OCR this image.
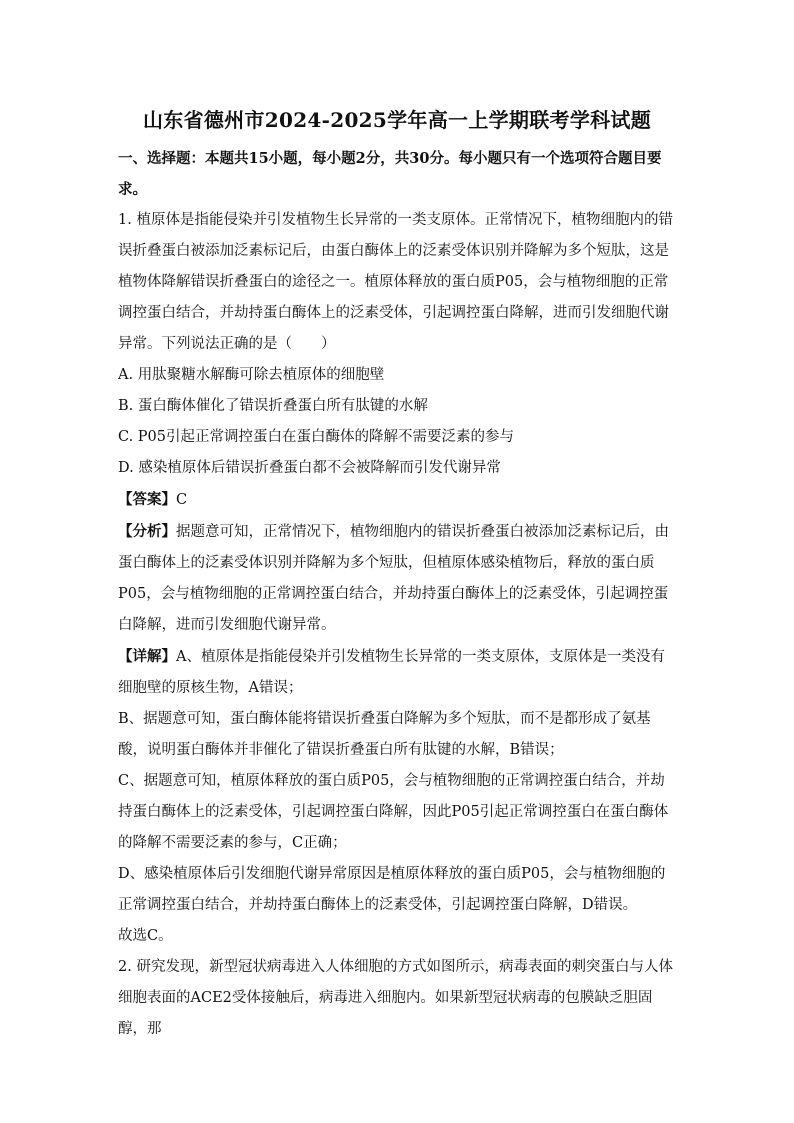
山东省德州市2024-2025学年高一上学期联考学科试题

一、选择题：本题共15小题，每小题2分，共30分。每小题只有一个选项符合题目要求。

1. 植原体是指能侵染并引发植物生长异常的一类支原体。正常情况下，植物细胞内的错误折叠蛋白被添加泛素标记后，由蛋白酶体上的泛素受体识别并降解为多个短肽，这是植物体降解错误折叠蛋白的途径之一。植原体释放的蛋白质P05，会与植物细胞的正常调控蛋白结合，并劫持蛋白酶体上的泛素受体，引起调控蛋白降解，进而引发细胞代谢异常。下列说法正确的是（　　）

A. 用肽聚糖水解酶可除去植原体的细胞壁

B. 蛋白酶体催化了错误折叠蛋白所有肽键的水解

C. P05引起正常调控蛋白在蛋白酶体的降解不需要泛素的参与

D. 感染植原体后错误折叠蛋白都不会被降解而引发代谢异常

【答案】C

【分析】据题意可知，正常情况下，植物细胞内的错误折叠蛋白被添加泛素标记后，由蛋白酶体上的泛素受体识别并降解为多个短肽，但植原体感染植物后，释放的蛋白质P05，会与植物细胞的正常调控蛋白结合，并劫持蛋白酶体上的泛素受体，引起调控蛋白降解，进而引发细胞代谢异常。

【详解】A、植原体是指能侵染并引发植物生长异常的一类支原体，支原体是一类没有细胞壁的原核生物，A错误；

B、据题意可知，蛋白酶体能将错误折叠蛋白降解为多个短肽，而不是都形成了氨基酸，说明蛋白酶体并非催化了错误折叠蛋白所有肽键的水解，B错误；

C、据题意可知，植原体释放的蛋白质P05，会与植物细胞的正常调控蛋白结合，并劫持蛋白酶体上的泛素受体，引起调控蛋白降解，因此P05引起正常调控蛋白在蛋白酶体的降解不需要泛素的参与，C正确；

D、感染植原体后引发细胞代谢异常原因是植原体释放的蛋白质P05，会与植物细胞的正常调控蛋白结合，并劫持蛋白酶体上的泛素受体，引起调控蛋白降解，D错误。

故选C。

2. 研究发现，新型冠状病毒进入人体细胞的方式如图所示，病毒表面的刺突蛋白与人体细胞表面的ACE2受体接触后，病毒进入细胞内。如果新型冠状病毒的包膜缺乏胆固醇，那
